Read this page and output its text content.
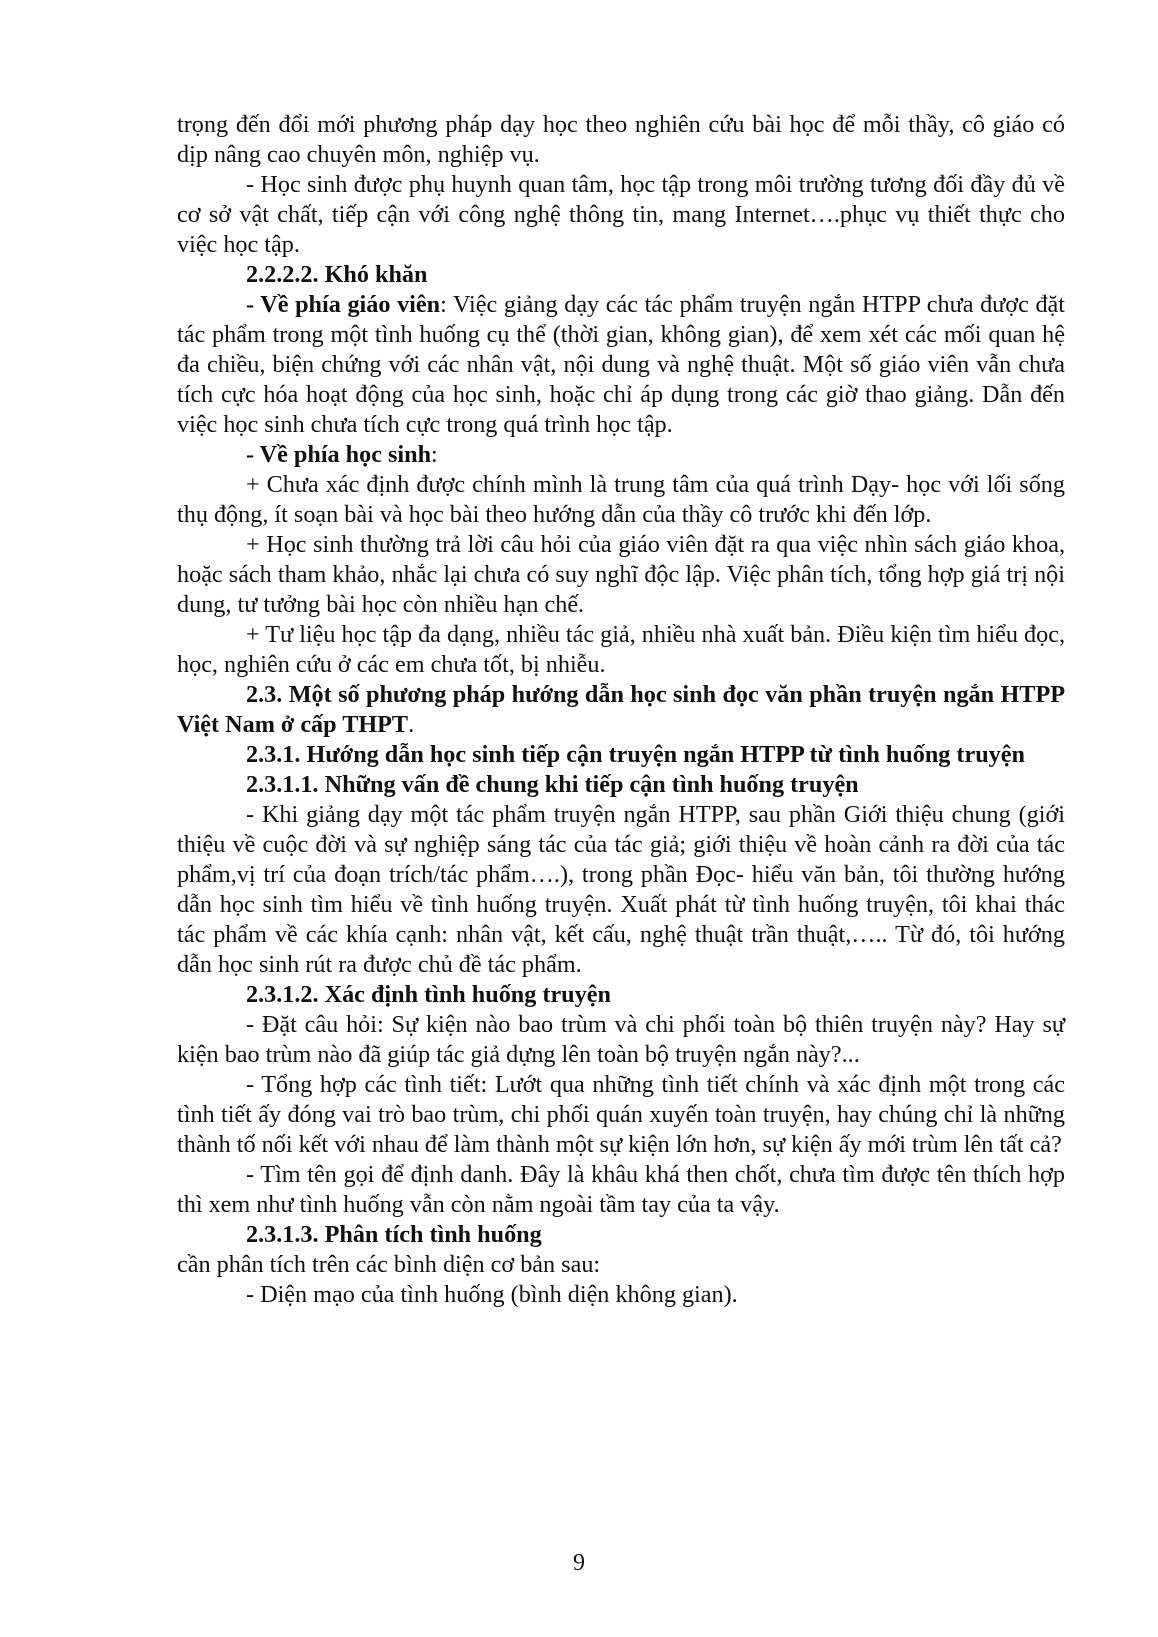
trọng đến đổi mới phương pháp dạy học theo nghiên cứu bài học để mỗi thầy, cô giáo có dịp nâng cao chuyên môn, nghiệp vụ.

- Học sinh được phụ huynh quan tâm, học tập trong môi trường tương đối đầy đủ về cơ sở vật chất, tiếp cận với công nghệ thông tin, mang Internet….phục vụ thiết thực cho việc học tập.

2.2.2.2. Khó khăn

- Về phía giáo viên: Việc giảng dạy các tác phẩm truyện ngắn HTPP chưa được đặt tác phẩm trong một tình huống cụ thể (thời gian, không gian), để xem xét các mối quan hệ đa chiều, biện chứng với các nhân vật, nội dung và nghệ thuật. Một số giáo viên vẫn chưa tích cực hóa hoạt động của học sinh, hoặc chỉ áp dụng trong các giờ thao giảng. Dẫn đến việc học sinh chưa tích cực trong quá trình học tập.

- Về phía học sinh:

+ Chưa xác định được chính mình là trung tâm của quá trình Dạy- học với lối sống thụ động, ít soạn bài và học bài theo hướng dẫn của thầy cô trước khi đến lớp.

+ Học sinh thường trả lời câu hỏi của giáo viên đặt ra qua việc nhìn sách giáo khoa, hoặc sách tham khảo, nhắc lại chưa có suy nghĩ độc lập. Việc phân tích, tổng hợp giá trị nội dung, tư tưởng bài học còn nhiều hạn chế.

+ Tư liệu học tập đa dạng, nhiều tác giả, nhiều nhà xuất bản. Điều kiện tìm hiểu đọc, học, nghiên cứu ở các em chưa tốt, bị nhiễu.

2.3. Một số phương pháp hướng dẫn học sinh đọc văn phần truyện ngắn HTPP Việt Nam ở cấp THPT.

2.3.1. Hướng dẫn học sinh tiếp cận truyện ngắn HTPP từ tình huống truyện

2.3.1.1. Những vấn đề chung khi tiếp cận tình huống truyện

- Khi giảng dạy một tác phẩm truyện ngắn HTPP, sau phần Giới thiệu chung (giới thiệu về cuộc đời và sự nghiệp sáng tác của tác giả; giới thiệu về hoàn cảnh ra đời của tác phẩm,vị trí của đoạn trích/tác phẩm….), trong phần Đọc- hiểu văn bản, tôi thường hướng dẫn học sinh tìm hiểu về tình huống truyện. Xuất phát từ tình huống truyện, tôi khai thác tác phẩm về các khía cạnh: nhân vật, kết cấu, nghệ thuật trần thuật,….. Từ đó, tôi hướng dẫn học sinh rút ra được chủ đề tác phẩm.

2.3.1.2. Xác định tình huống truyện

- Đặt câu hỏi: Sự kiện nào bao trùm và chi phối toàn bộ thiên truyện này? Hay sự kiện bao trùm nào đã giúp tác giả dựng lên toàn bộ truyện ngắn này?...

- Tổng hợp các tình tiết: Lướt qua những tình tiết chính và xác định một trong các tình tiết ấy đóng vai trò bao trùm, chi phối quán xuyến toàn truyện, hay chúng chỉ là những thành tố nối kết với nhau để làm thành một sự kiện lớn hơn, sự kiện ấy mới trùm lên tất cả?

- Tìm tên gọi để định danh. Đây là khâu khá then chốt, chưa tìm được tên thích hợp thì xem như tình huống vẫn còn nằm ngoài tầm tay của ta vậy.

2.3.1.3. Phân tích tình huống

cần phân tích trên các bình diện cơ bản sau:

- Diện mạo của tình huống (bình diện không gian).

9
